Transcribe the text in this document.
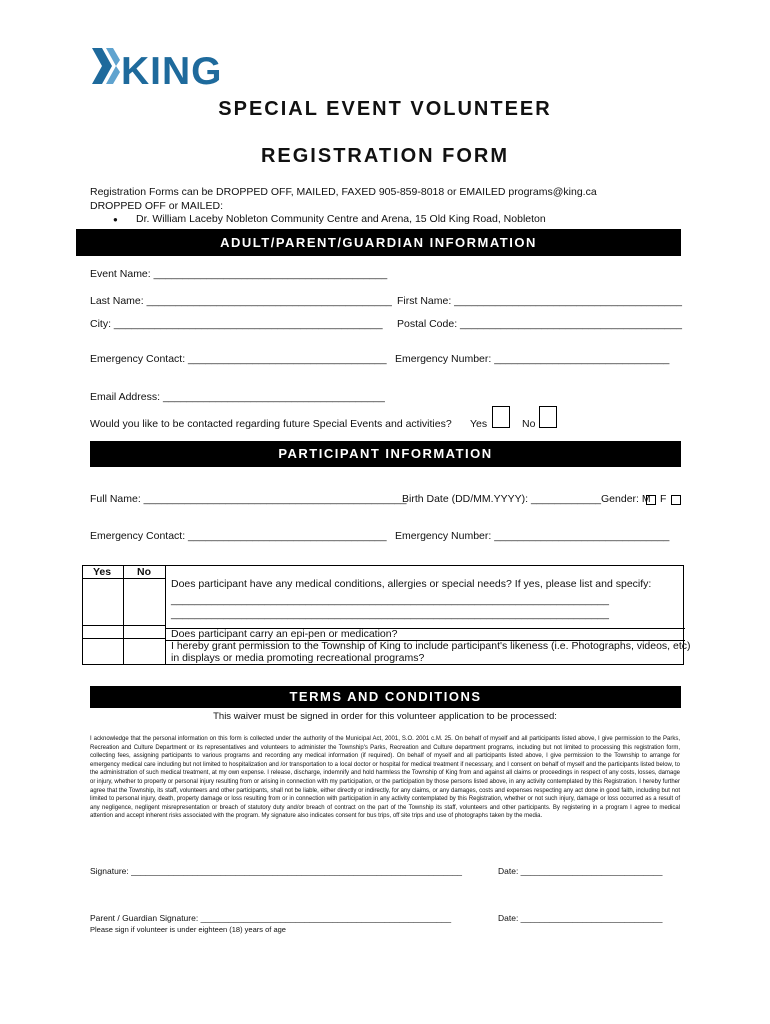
KING
SPECIAL EVENT VOLUNTEER
REGISTRATION FORM
Registration Forms can be DROPPED OFF, MAILED, FAXED 905-859-8018 or EMAILED programs@king.ca
DROPPED OFF or MAILED:
● Dr. William Laceby Nobleton Community Centre and Arena, 15 Old King Road, Nobleton
ADULT/PARENT/GUARDIAN INFORMATION
Event Name: ________________________________________
Last Name: __________________________________________ First Name: _______________________________________
City: ______________________________________________ Postal Code: ______________________________________
Emergency Contact: __________________________________ Emergency Number: ______________________________
Email Address: ______________________________________
Would you like to be contacted regarding future Special Events and activities? Yes	No
PARTICIPANT INFORMATION
Full Name: _____________________________________________
Birth Date (DD/MM.YYYY): ____________Gender: M F
Emergency Contact: __________________________________ Emergency Number: ______________________________
Yes No
Does participant have any medical conditions, allergies or special needs? If yes, please list and specify:
___________________________________________________________________________
___________________________________________________________________________
Does participant carry an epi-pen or medication?
I hereby grant permission to the Township of King to include participant's likeness (i.e. Photographs, videos, etc)
in displays or media promoting recreational programs?
TERMS AND CONDITIONS
This waiver must be signed in order for this volunteer application to be processed:
I acknowledge that the personal information on this form is collected under the authority of the Municipal Act, 2001, S.O. 2001 c.M. 25. On behalf of myself and all participants listed above, I give permission to the Parks, Recreation and Culture Department or its representatives and volunteers to administer the Township's Parks, Recreation and Culture department programs, including but not limited to processing this registration form, collecting fees, assigning participants to various programs and recording any medical information (if required). On behalf of myself and all participants listed above, I give permission to the Township to arrange for emergency medical care including but not limited to hospitalization and /or transportation to a local doctor or hospital for medical treatment if necessary, and I consent on behalf of myself and the participants listed below, to the administration of such medical treatment, at my own expense. I release, discharge, indemnify and hold harmless the Township of King from and against all claims or proceedings in respect of any costs, losses, damage or injury, whether to property or personal injury resulting from or arising in connection with my participation, or the participation by those persons listed above, in any activity contemplated by this Registration. I hereby further agree that the Township, its staff, volunteers and other participants, shall not be liable, either directly or indirectly, for any claims, or any damages, costs and expenses respecting any act done in good faith, including but not limited to personal injury, death, property damage or loss resulting from or in connection with participation in any activity contemplated by this Registration, whether or not such injury, damage or loss occurred as a result of any negligence, negligent misrepresentation or breach of statutory duty and/or breach of contract on the part of the Township its staff, volunteers and other participants. By registering in a program I agree to medical attention and accept inherent risks associated with the program. My signature also indicates consent for bus trips, off site trips and use of photographs taken by the media.
Signature: ______________________________________________________________________	Date: ______________________________
Parent / Guardian Signature: _____________________________________________________	Date: ______________________________
Please sign if volunteer is under eighteen (18) years of age
